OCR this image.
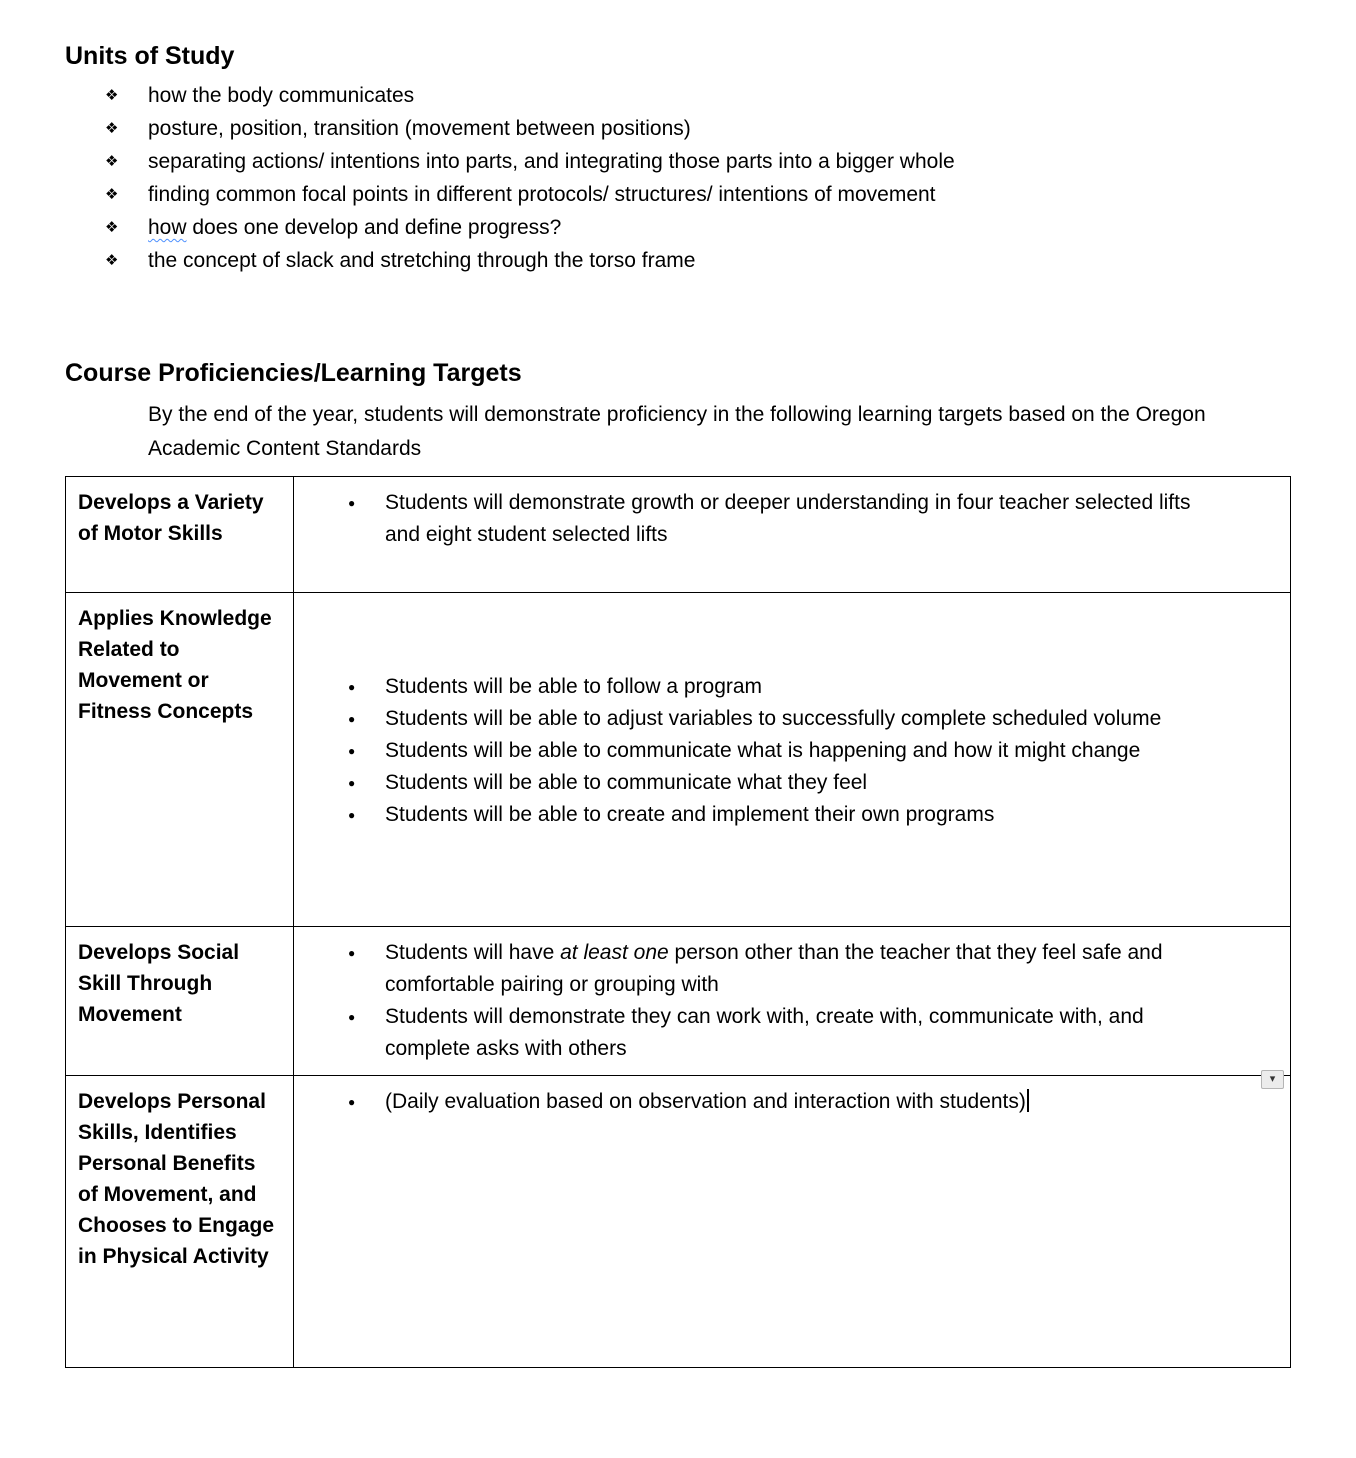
Units of Study
❖	how the body communicates
❖	posture, position, transition (movement between positions)
❖	separating actions/ intentions into parts, and integrating those parts into a bigger whole
❖	finding common focal points in different protocols/ structures/ intentions of movement
❖	how does one develop and define progress?
❖	the concept of slack and stretching through the torso frame
Course Proficiencies/Learning Targets

By the end of the year, students will demonstrate proficiency in the following learning targets based on the Oregon Academic Content Standards

Develops a Variety of Motor Skills	
●	Students will demonstrate growth or deeper understanding in four teacher selected lifts and eight student selected lifts

Applies Knowledge Related to Movement or Fitness Concepts	
●	Students will be able to follow a program
●	Students will be able to adjust variables to successfully complete scheduled volume
●	Students will be able to communicate what is happening and how it might change
●	Students will be able to communicate what they feel
●	Students will be able to create and implement their own programs

Develops Social Skill Through Movement	
●	Students will have at least one person other than the teacher that they feel safe and comfortable pairing or grouping with
●	Students will demonstrate they can work with, create with, communicate with, and complete asks with others

Develops Personal Skills, Identifies Personal Benefits of Movement, and Chooses to Engage in Physical Activity	
●	(Daily evaluation based on observation and interaction with students)
▾
